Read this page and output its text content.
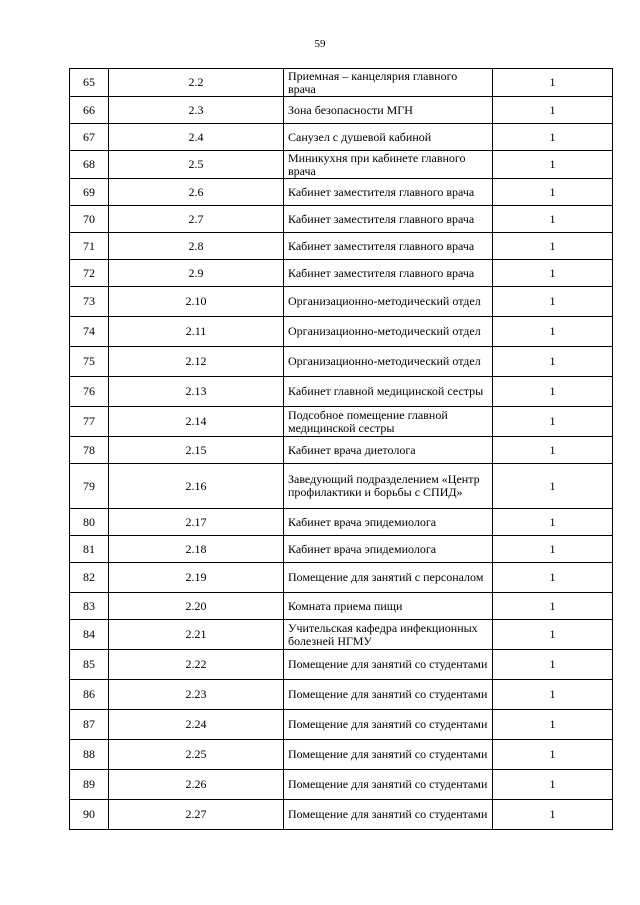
59
65	2.2	Приемная – канцелярия главного врача	1
66	2.3	Зона безопасности МГН	1
67	2.4	Санузел с душевой кабиной	1
68	2.5	Миникухня при кабинете главного врача	1
69	2.6	Кабинет заместителя главного врача	1
70	2.7	Кабинет заместителя главного врача	1
71	2.8	Кабинет заместителя главного врача	1
72	2.9	Кабинет заместителя главного врача	1
73	2.10	Организационно-методический отдел	1
74	2.11	Организационно-методический отдел	1
75	2.12	Организационно-методический отдел	1
76	2.13	Кабинет главной медицинской сестры	1
77	2.14	Подсобное помещение главной медицинской сестры	1
78	2.15	Кабинет врача диетолога	1
79	2.16	Заведующий подразделением «Центр профилактики и борьбы с СПИД»	1
80	2.17	Кабинет врача эпидемиолога	1
81	2.18	Кабинет врача эпидемиолога	1
82	2.19	Помещение для занятий с персоналом	1
83	2.20	Комната приема пищи	1
84	2.21	Учительская кафедра инфекционных болезней НГМУ	1
85	2.22	Помещение для занятий со студентами	1
86	2.23	Помещение для занятий со студентами	1
87	2.24	Помещение для занятий со студентами	1
88	2.25	Помещение для занятий со студентами	1
89	2.26	Помещение для занятий со студентами	1
90	2.27	Помещение для занятий со студентами	1
